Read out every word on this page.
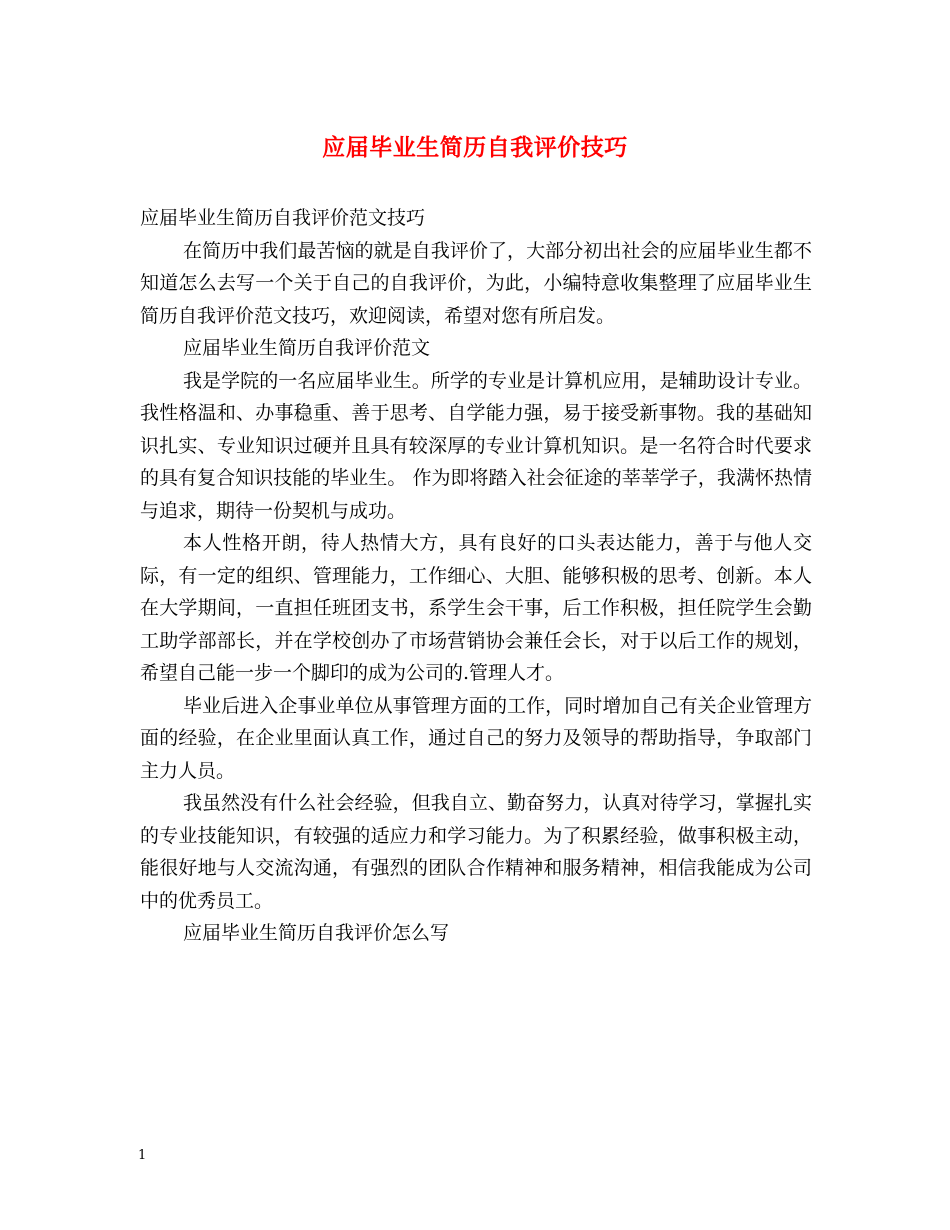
应届毕业生简历自我评价技巧

应届毕业生简历自我评价范文技巧

在简历中我们最苦恼的就是自我评价了，大部分初出社会的应届毕业生都不知道怎么去写一个关于自己的自我评价，为此，小编特意收集整理了应届毕业生简历自我评价范文技巧，欢迎阅读，希望对您有所启发。

应届毕业生简历自我评价范文

我是学院的一名应届毕业生。所学的专业是计算机应用，是辅助设计专业。我性格温和、办事稳重、善于思考、自学能力强，易于接受新事物。我的基础知识扎实、专业知识过硬并且具有较深厚的专业计算机知识。是一名符合时代要求的具有复合知识技能的毕业生。 作为即将踏入社会征途的莘莘学子，我满怀热情与追求，期待一份契机与成功。

本人性格开朗，待人热情大方，具有良好的口头表达能力，善于与他人交际，有一定的组织、管理能力，工作细心、大胆、能够积极的思考、创新。本人在大学期间，一直担任班团支书，系学生会干事，后工作积极，担任院学生会勤工助学部部长，并在学校创办了市场营销协会兼任会长，对于以后工作的规划，希望自己能一步一个脚印的成为公司的.管理人才。

毕业后进入企事业单位从事管理方面的工作，同时增加自己有关企业管理方面的经验，在企业里面认真工作，通过自己的努力及领导的帮助指导，争取部门主力人员。

我虽然没有什么社会经验，但我自立、勤奋努力，认真对待学习，掌握扎实的专业技能知识，有较强的适应力和学习能力。为了积累经验，做事积极主动，能很好地与人交流沟通，有强烈的团队合作精神和服务精神，相信我能成为公司中的优秀员工。

应届毕业生简历自我评价怎么写

1
